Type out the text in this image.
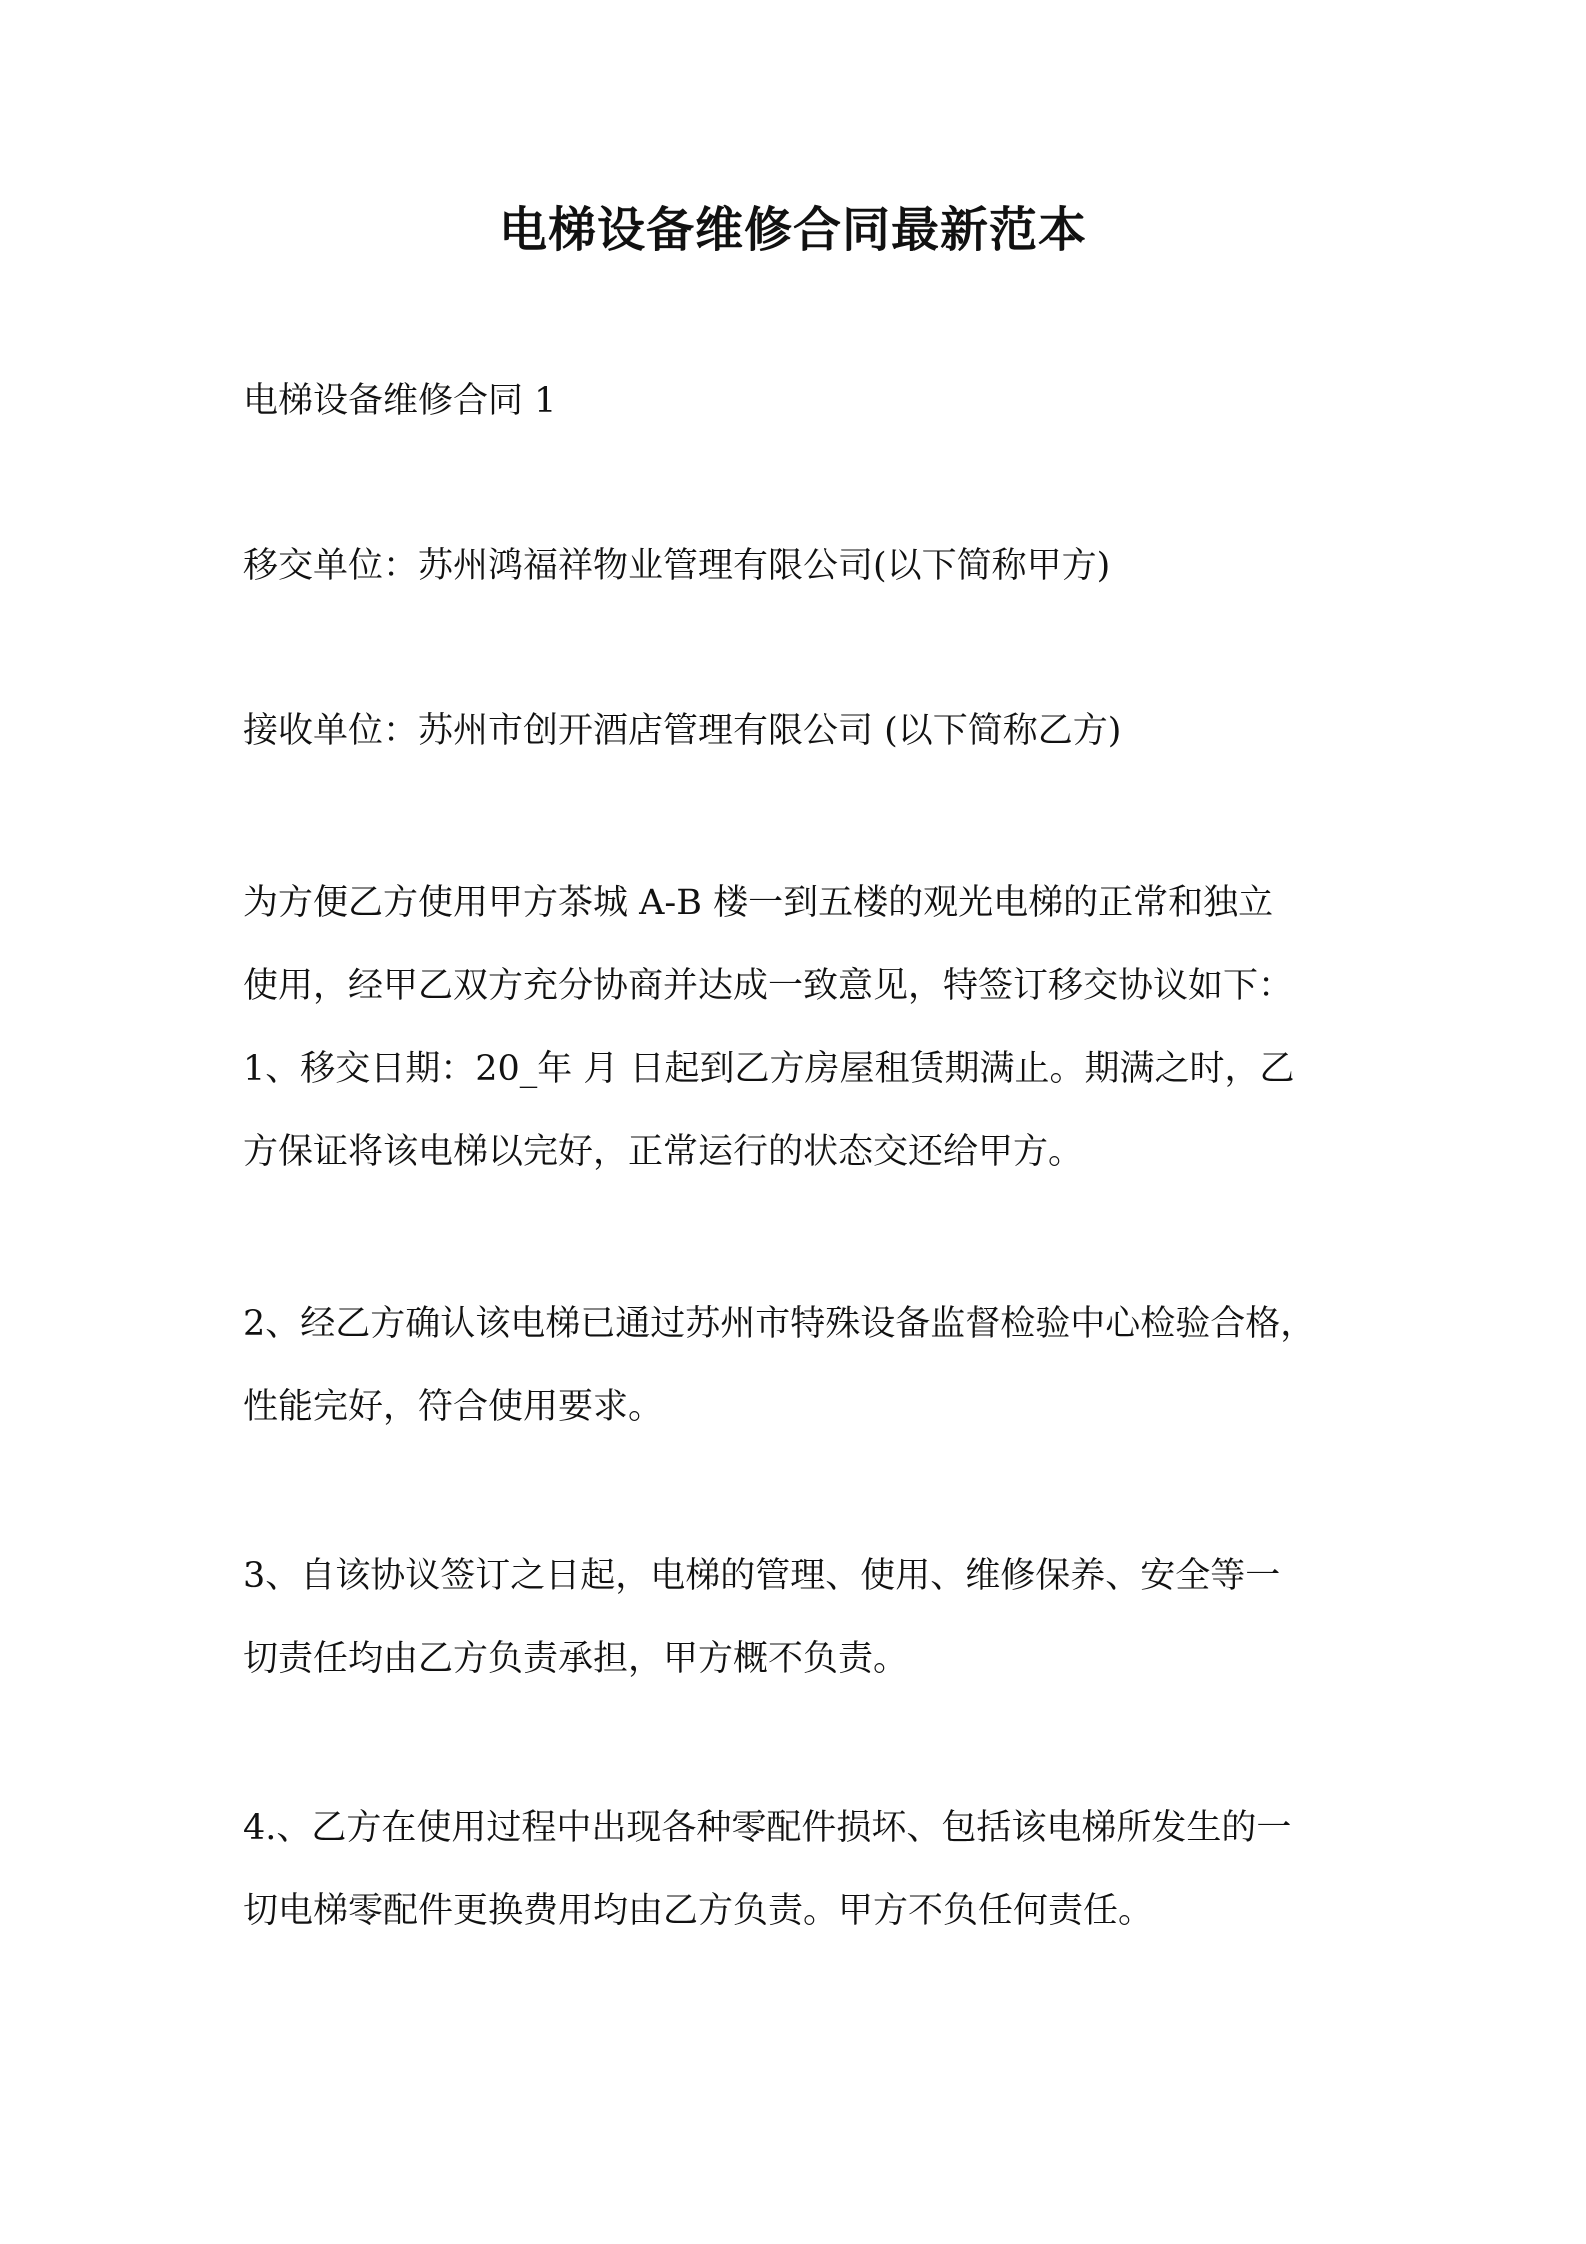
电梯设备维修合同最新范本
电梯设备维修合同 1
移交单位：苏州鸿福祥物业管理有限公司(以下简称甲方)
接收单位：苏州市创开酒店管理有限公司 (以下简称乙方)
为方便乙方使用甲方茶城 A-B 楼一到五楼的观光电梯的正常和独立
使用，经甲乙双方充分协商并达成一致意见，特签订移交协议如下：
1、移交日期：20_年 月 日起到乙方房屋租赁期满止。期满之时，乙
方保证将该电梯以完好，正常运行的状态交还给甲方。
2、经乙方确认该电梯已通过苏州市特殊设备监督检验中心检验合格，
性能完好，符合使用要求。
3、自该协议签订之日起，电梯的管理、使用、维修保养、安全等一
切责任均由乙方负责承担，甲方概不负责。
4.、乙方在使用过程中出现各种零配件损坏、包括该电梯所发生的一
切电梯零配件更换费用均由乙方负责。甲方不负任何责任。
